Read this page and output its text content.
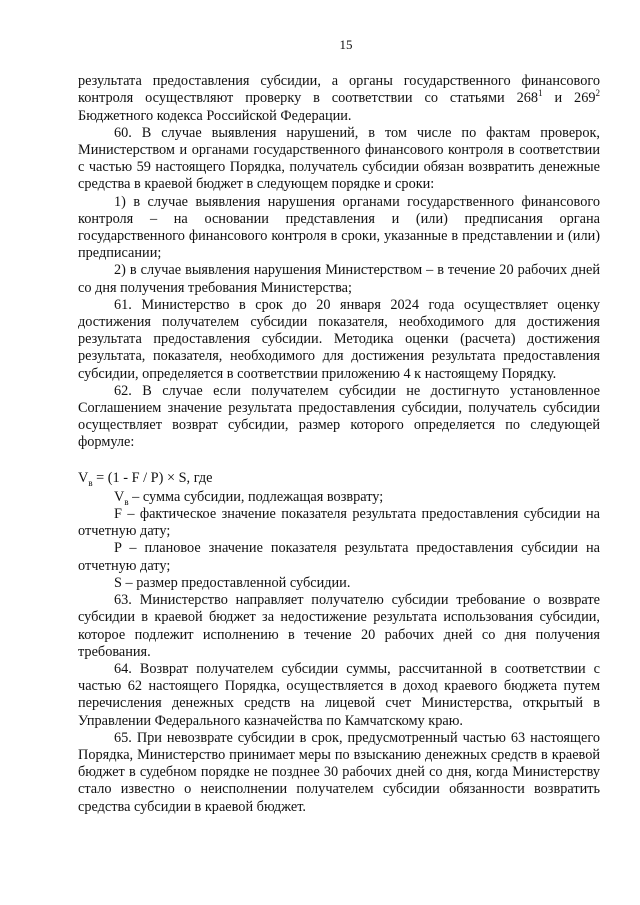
15

результата предоставления субсидии, а органы государственного финансового контроля осуществляют проверку в соответствии со статьями $268^1$ и $269^2$ Бюджетного кодекса Российской Федерации.

60. В случае выявления нарушений, в том числе по фактам проверок, Министерством и органами государственного финансового контроля в соответствии с частью 59 настоящего Порядка, получатель субсидии обязан возвратить денежные средства в краевой бюджет в следующем порядке и сроки:

1) в случае выявления нарушения органами государственного финансового контроля – на основании представления и (или) предписания органа государственного финансового контроля в сроки, указанные в представлении и (или) предписании;

2) в случае выявления нарушения Министерством – в течение 20 рабочих дней со дня получения требования Министерства;

61. Министерство в срок до 20 января 2024 года осуществляет оценку достижения получателем субсидии показателя, необходимого для достижения результата предоставления субсидии. Методика оценки (расчета) достижения результата, показателя, необходимого для достижения результата предоставления субсидии, определяется в соответствии приложению 4 к настоящему Порядку.

62. В случае если получателем субсидии не достигнуто установленное Соглашением значение результата предоставления субсидии, получатель субсидии осуществляет возврат субсидии, размер которого определяется по следующей формуле:

$V_в = (1 - F / P) \times S$, где

$V_в$ – сумма субсидии, подлежащая возврату;

F – фактическое значение показателя результата предоставления субсидии на отчетную дату;

P – плановое значение показателя результата предоставления субсидии на отчетную дату;

S – размер предоставленной субсидии.

63. Министерство направляет получателю субсидии требование о возврате субсидии в краевой бюджет за недостижение результата использования субсидии, которое подлежит исполнению в течение 20 рабочих дней со дня получения требования.

64. Возврат получателем субсидии суммы, рассчитанной в соответствии с частью 62 настоящего Порядка, осуществляется в доход краевого бюджета путем перечисления денежных средств на лицевой счет Министерства, открытый в Управлении Федерального казначейства по Камчатскому краю.

65. При невозврате субсидии в срок, предусмотренный частью 63 настоящего Порядка, Министерство принимает меры по взысканию денежных средств в краевой бюджет в судебном порядке не позднее 30 рабочих дней со дня, когда Министерству стало известно о неисполнении получателем субсидии обязанности возвратить средства субсидии в краевой бюджет.
